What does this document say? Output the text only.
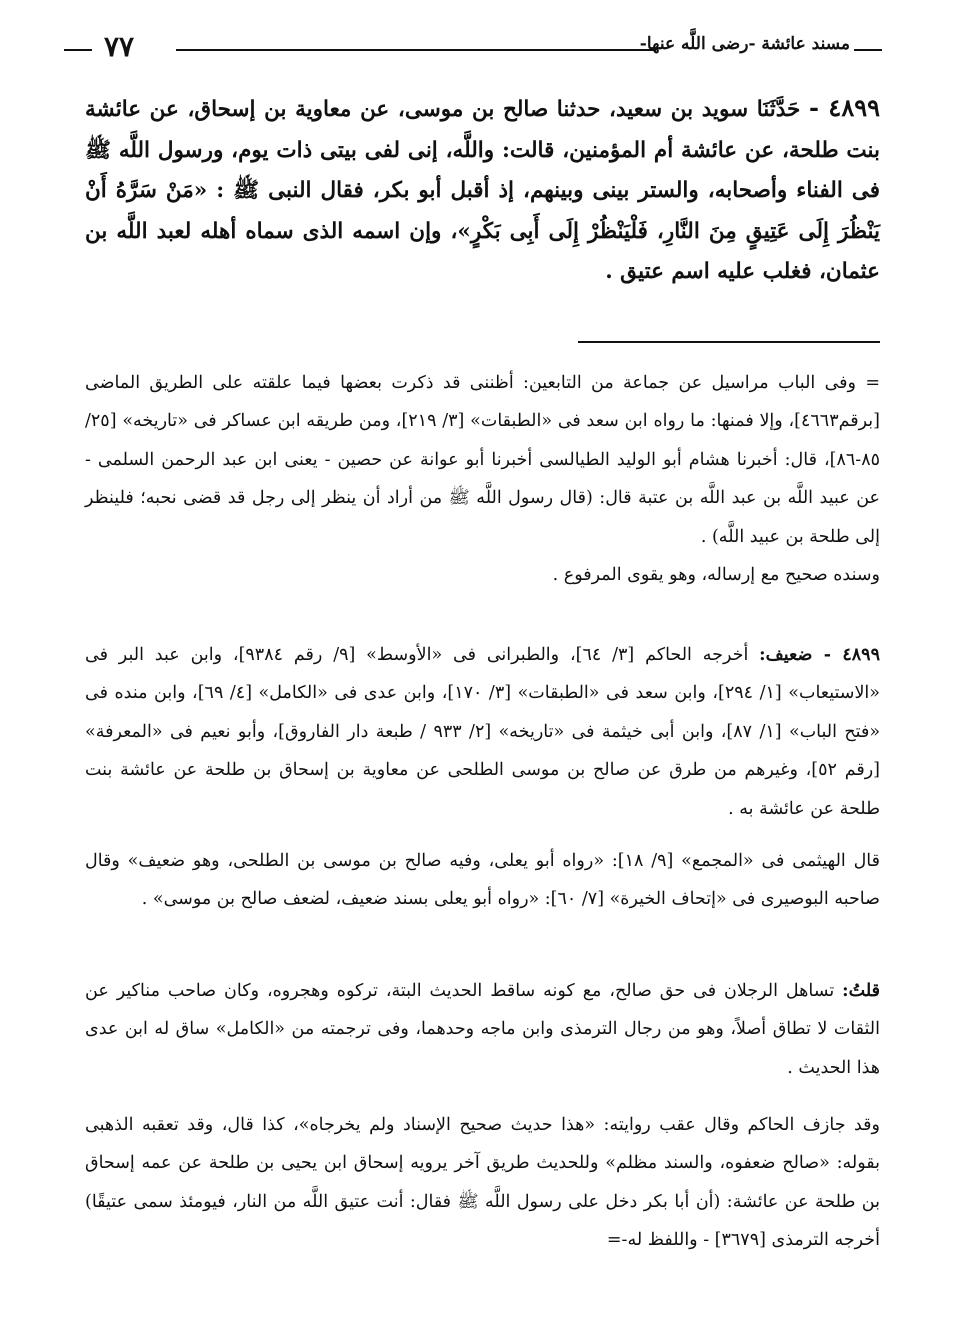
٧٧	مسند عائشة -رضى اللَّه عنها-
٤٨٩٩ - حَدَّثَنَا سويد بن سعيد، حدثنا صالح بن موسى، عن معاوية بن إسحاق، عن عائشة بنت طلحة، عن عائشة أم المؤمنين، قالت: واللَّه، إنى لفى بيتى ذات يوم، ورسول اللَّه ﷺ فى الفناء وأصحابه، والستر بينى وبينهم، إذ أقبل أبو بكر، فقال النبى ﷺ : «مَنْ سَرَّهُ أَنْ يَنْظُرَ إِلَى عَتِيقٍ مِنَ النَّارِ، فَلْيَنْظُرْ إِلَى أَبِى بَكْرٍ»، وإن اسمه الذى سماه أهله لعبد اللَّه بن عثمان، فغلب عليه اسم عتيق .

= وفى الباب مراسيل عن جماعة من التابعين: أظننى قد ذكرت بعضها فيما علقته على الطريق الماضى [برقم٤٦٦٣]، وإلا فمنها: ما رواه ابن سعد فى «الطبقات» [٣/ ٢١٩]، ومن طريقه ابن عساكر فى «تاريخه» [٢٥/ ٨٥-٨٦]، قال: أخبرنا هشام أبو الوليد الطيالسى أخبرنا أبو عوانة عن حصين - يعنى ابن عبد الرحمن السلمى - عن عبيد اللَّه بن عبد اللَّه بن عتبة قال: (قال رسول اللَّه ﷺ من أراد أن ينظر إلى رجل قد قضى نحبه؛ فلينظر إلى طلحة بن عبيد اللَّه) .

وسنده صحيح مع إرساله، وهو يقوى المرفوع .

٤٨٩٩ - ضعيف: أخرجه الحاكم [٣/ ٦٤]، والطبرانى فى «الأوسط» [٩/ رقم ٩٣٨٤]، وابن عبد البر فى «الاستيعاب» [١/ ٢٩٤]، وابن سعد فى «الطبقات» [٣/ ١٧٠]، وابن عدى فى «الكامل» [٤/ ٦٩]، وابن منده فى «فتح الباب» [١/ ٨٧]، وابن أبى خيثمة فى «تاريخه» [٢/ ٩٣٣ / طبعة دار الفاروق]، وأبو نعيم فى «المعرفة» [رقم ٥٢]، وغيرهم من طرق عن صالح بن موسى الطلحى عن معاوية بن إسحاق بن طلحة عن عائشة بنت طلحة عن عائشة به .

قال الهيثمى فى «المجمع» [٩/ ١٨]: «رواه أبو يعلى، وفيه صالح بن موسى بن الطلحى، وهو ضعيف» وقال صاحبه البوصيرى فى «إتحاف الخيرة» [٧/ ٦٠]: «رواه أبو يعلى بسند ضعيف، لضعف صالح بن موسى» .

قلتُ: تساهل الرجلان فى حق صالح، مع كونه ساقط الحديث البتة، تركوه وهجروه، وكان صاحب مناكير عن الثقات لا تطاق أصلاً، وهو من رجال الترمذى وابن ماجه وحدهما، وفى ترجمته من «الكامل» ساق له ابن عدى هذا الحديث .

وقد جازف الحاكم وقال عقب روايته: «هذا حديث صحيح الإسناد ولم يخرجاه»، كذا قال، وقد تعقبه الذهبى بقوله: «صالح ضعفوه، والسند مظلم» وللحديث طريق آخر يرويه إسحاق ابن يحيى بن طلحة عن عمه إسحاق بن طلحة عن عائشة: (أن أبا بكر دخل على رسول اللَّه ﷺ فقال: أنت عتيق اللَّه من النار، فيومئذ سمى عتيقًا) أخرجه الترمذى [٣٦٧٩] - واللفظ له-=
